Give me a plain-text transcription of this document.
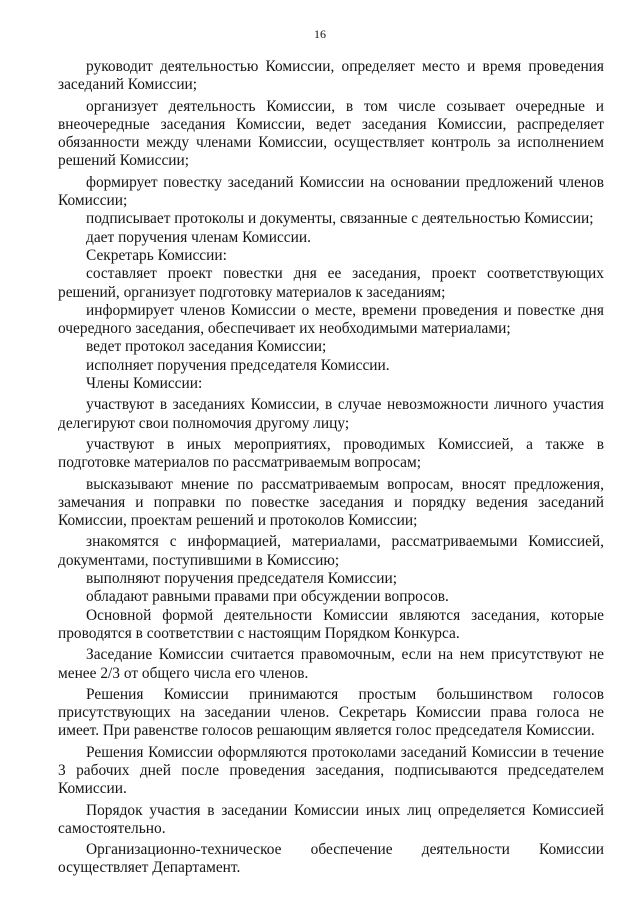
16

руководит деятельностью Комиссии, определяет место и время проведения заседаний Комиссии;

организует деятельность Комиссии, в том числе созывает очередные и внеочередные заседания Комиссии, ведет заседания Комиссии, распределяет обязанности между членами Комиссии, осуществляет контроль за исполнением решений Комиссии;

формирует повестку заседаний Комиссии на основании предложений членов Комиссии;

подписывает протоколы и документы, связанные с деятельностью Комиссии;

дает поручения членам Комиссии.

Секретарь Комиссии:

составляет проект повестки дня ее заседания, проект соответствующих решений, организует подготовку материалов к заседаниям;

информирует членов Комиссии о месте, времени проведения и повестке дня очередного заседания, обеспечивает их необходимыми материалами;

ведет протокол заседания Комиссии;

исполняет поручения председателя Комиссии.

Члены Комиссии:

участвуют в заседаниях Комиссии, в случае невозможности личного участия делегируют свои полномочия другому лицу;

участвуют в иных мероприятиях, проводимых Комиссией, а также в подготовке материалов по рассматриваемым вопросам;

высказывают мнение по рассматриваемым вопросам, вносят предложения, замечания и поправки по повестке заседания и порядку ведения заседаний Комиссии, проектам решений и протоколов Комиссии;

знакомятся с информацией, материалами, рассматриваемыми Комиссией, документами, поступившими в Комиссию;

выполняют поручения председателя Комиссии;

обладают равными правами при обсуждении вопросов.

Основной формой деятельности Комиссии являются заседания, которые проводятся в соответствии с настоящим Порядком Конкурса.

Заседание Комиссии считается правомочным, если на нем присутствуют не менее 2/3 от общего числа его членов.

Решения Комиссии принимаются простым большинством голосов присутствующих на заседании членов. Секретарь Комиссии права голоса не имеет. При равенстве голосов решающим является голос председателя Комиссии.

Решения Комиссии оформляются протоколами заседаний Комиссии в течение 3 рабочих дней после проведения заседания, подписываются председателем Комиссии.

Порядок участия в заседании Комиссии иных лиц определяется Комиссией самостоятельно.

Организационно-техническое обеспечение деятельности Комиссии осуществляет Департамент.
